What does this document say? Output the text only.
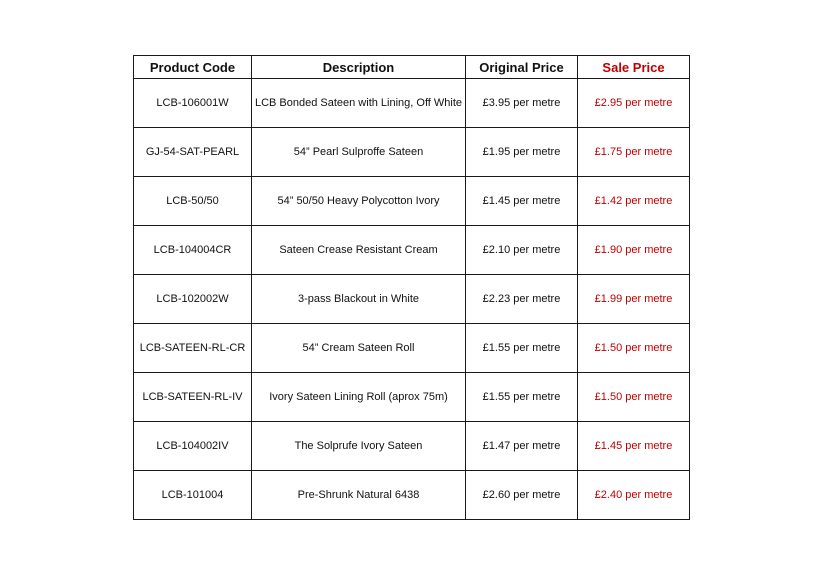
Product Code	Description	Original Price	Sale Price
LCB-106001W	LCB Bonded Sateen with Lining, Off White	£3.95 per metre	£2.95 per metre
GJ-54-SAT-PEARL	54” Pearl Sulproffe Sateen	£1.95 per metre	£1.75 per metre
LCB-50/50	54” 50/50 Heavy Polycotton Ivory	£1.45 per metre	£1.42 per metre
LCB-104004CR	Sateen Crease Resistant Cream	£2.10 per metre	£1.90 per metre
LCB-102002W	3-pass Blackout in White	£2.23 per metre	£1.99 per metre
LCB-SATEEN-RL-CR	54” Cream Sateen Roll	£1.55 per metre	£1.50 per metre
LCB-SATEEN-RL-IV	Ivory Sateen Lining Roll (aprox 75m)	£1.55 per metre	£1.50 per metre
LCB-104002IV	The Solprufe Ivory Sateen	£1.47 per metre	£1.45 per metre
LCB-101004	Pre-Shrunk Natural 6438	£2.60 per metre	£2.40 per metre
